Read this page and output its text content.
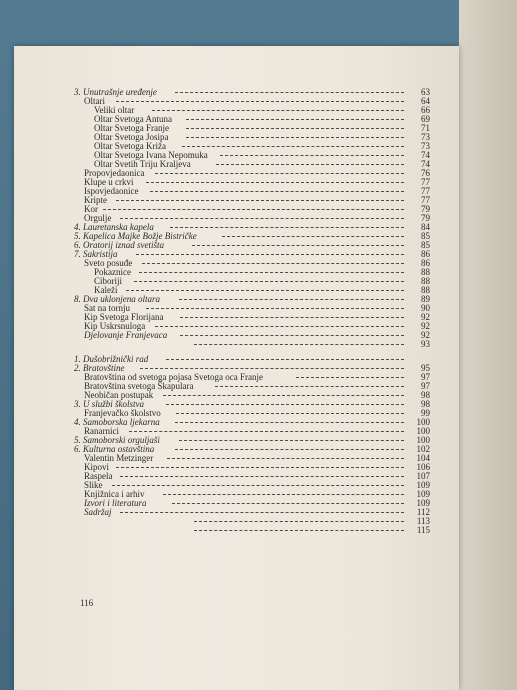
3. Unutrašnje uređenje	63
Oltari	64
Veliki oltar	66
Oltar Svetoga Antuna	69
Oltar Svetoga Franje	71
Oltar Svetoga Josipa	73
Oltar Svetoga Križa	73
Oltar Svetoga Ivana Nepomuka	74
Oltar Svetih Triju Kraljeva	74
Propovjedaonica	76
Klupe u crkvi	77
Ispovjedaonice	77
Kripte	77
Kor	79
Orgulje	79
4. Lauretanska kapela	84
5. Kapelica Majke Božje Bistričke	85
6. Oratorij iznad svetišta	85
7. Sakristija	86
Sveto posuđe	86
Pokaznice	88
Ciboriji	88
Kaleži	88
8. Dva uklonjena oltara	89
Sat na tornju	90
Kip Svetoga Florijana	92
Kip Uskrsnuloga	92
Djelovanje Franjevaca	92
93
1. Dušobrižnički rad
2. Bratovštine	95
Bratovština od svetoga pojasa Svetoga oca Franje	97
Bratovština svetoga Škapulara	97
Neobičan postupak	98
3. U službi školstva	98
Franjevačko školstvo	99
4. Samoborska ljekarna	100
Ranarnici	100
5. Samoborski orguljaši	100
6. Kulturna ostavština	102
Valentin Metzinger	104
Kipovi	106
Raspela	107
Slike	109
Knjižnica i arhiv	109
Izvori i literatura	109
Sadržaj	112
113
115
116
